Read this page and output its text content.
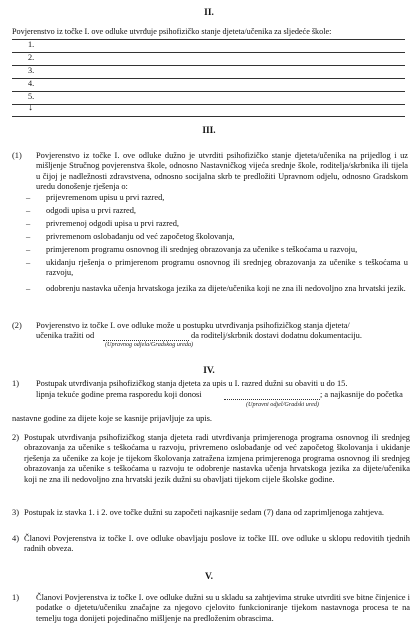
II.
Povjerenstvo iz točke I. ove odluke utvrđuje psihofizičko stanje djeteta/učenika za sljedeće škole:
1.
2.
3.
4.
5.
↓
III.
(1) Povjerenstvo iz točke I. ove odluke dužno je utvrditi psihofizičko stanje djeteta/učenika na prijedlog i uz mišljenje Stručnog povjerenstva škole, odnosno Nastavničkog vijeća srednje škole, roditelja/skrbnika ili tijela u čijoj je nadležnosti zdravstvena, odnosno socijalna skrb te predložiti Upravnom odjelu, odnosno Gradskom uredu donošenje rješenja o:
– prijevremenom upisu u prvi razred,
– odgodi upisa u prvi razred,
– privremenoj odgodi upisa u prvi razred,
– privremenom oslobađanju od već započetog školovanja,
– primjerenom programu osnovnog ili srednjeg obrazovanja za učenike s teškoćama u razvoju,
– ukidanju rješenja o primjerenom programu osnovnog ili srednjeg obrazovanja za učenike s teškoćama u razvoju,
– odobrenju nastavka učenja hrvatskoga jezika za dijete/učenika koji ne zna ili nedovoljno zna hrvatski jezik.
(2) Povjerenstvo iz točke I. ove odluke može u postupku utvrđivanja psihofizičkog stanja djeteta/
učenika tražiti od	da roditelj/skrbnik dostavi dodatnu dokumentaciju.
(Upravnog odjela/Gradskog ureda)
IV.
1) Postupak utvrđivanja psihofizičkog stanja djeteta za upis u I. razred dužni su obaviti u do 15.
lipnja tekuće godine prema rasporedu koji donosi	; a najkasnije do početka
(Upravni odjel/Gradski ured)
nastavne godine za dijete koje se kasnije prijavljuje za upis.
2) Postupak utvrđivanja psihofizičkog stanja djeteta radi utvrđivanja primjerenoga programa osnovnog ili srednjeg obrazovanja za učenike s teškoćama u razvoju, privremeno oslobađanje od već započetog školovanja i ukidanje rješenja za učenike za koje je tijekom školovanja zatražena izmjena primjerenoga programa osnovnog ili srednjeg obrazovanja za učenike s teškoćama u razvoju te odobrenje nastavka učenja hrvatskoga jezika za dijete/učenika koji ne zna ili nedovoljno zna hrvatski jezik dužni su obavljati tijekom cijele školske godine.
3) Postupak iz stavka 1. i 2. ove točke dužni su započeti najkasnije sedam (7) dana od zaprimljenoga zahtjeva.
4) Članovi Povjerenstva iz točke I. ove odluke obavljaju poslove iz točke III. ove odluke u sklopu redovitih tjednih radnih obveza.
V.
1) Članovi Povjerenstva iz točke I. ove odluke dužni su u skladu sa zahtjevima struke utvrditi sve bitne činjenice i podatke o djetetu/učeniku značajne za njegovo cjelovito funkcioniranje tijekom nastavnoga procesa te na temelju toga donijeti pojedinačno mišljenje na predloženim obrascima.
